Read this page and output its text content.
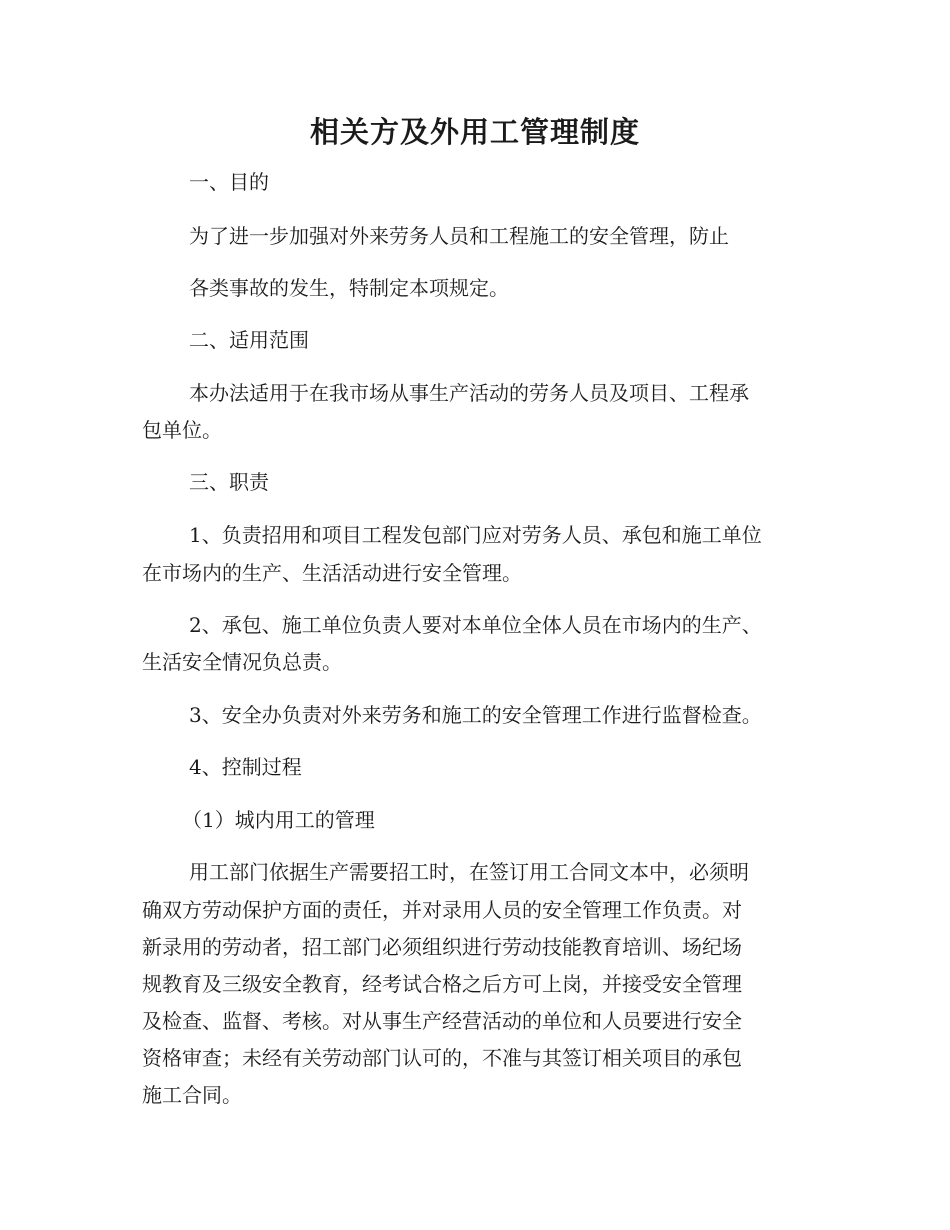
相关方及外用工管理制度

一、目的

为了进一步加强对外来劳务人员和工程施工的安全管理，防止

各类事故的发生，特制定本项规定。

二、适用范围

本办法适用于在我市场从事生产活动的劳务人员及项目、工程承

包单位。

三、职责

1、负责招用和项目工程发包部门应对劳务人员、承包和施工单位

在市场内的生产、生活活动进行安全管理。

2、承包、施工单位负责人要对本单位全体人员在市场内的生产、

生活安全情况负总责。

3、安全办负责对外来劳务和施工的安全管理工作进行监督检查。

4、控制过程

（1）城内用工的管理

用工部门依据生产需要招工时，在签订用工合同文本中，必须明

确双方劳动保护方面的责任，并对录用人员的安全管理工作负责。对

新录用的劳动者，招工部门必须组织进行劳动技能教育培训、场纪场

规教育及三级安全教育，经考试合格之后方可上岗，并接受安全管理

及检查、监督、考核。对从事生产经营活动的单位和人员要进行安全

资格审查；未经有关劳动部门认可的，不准与其签订相关项目的承包

施工合同。
